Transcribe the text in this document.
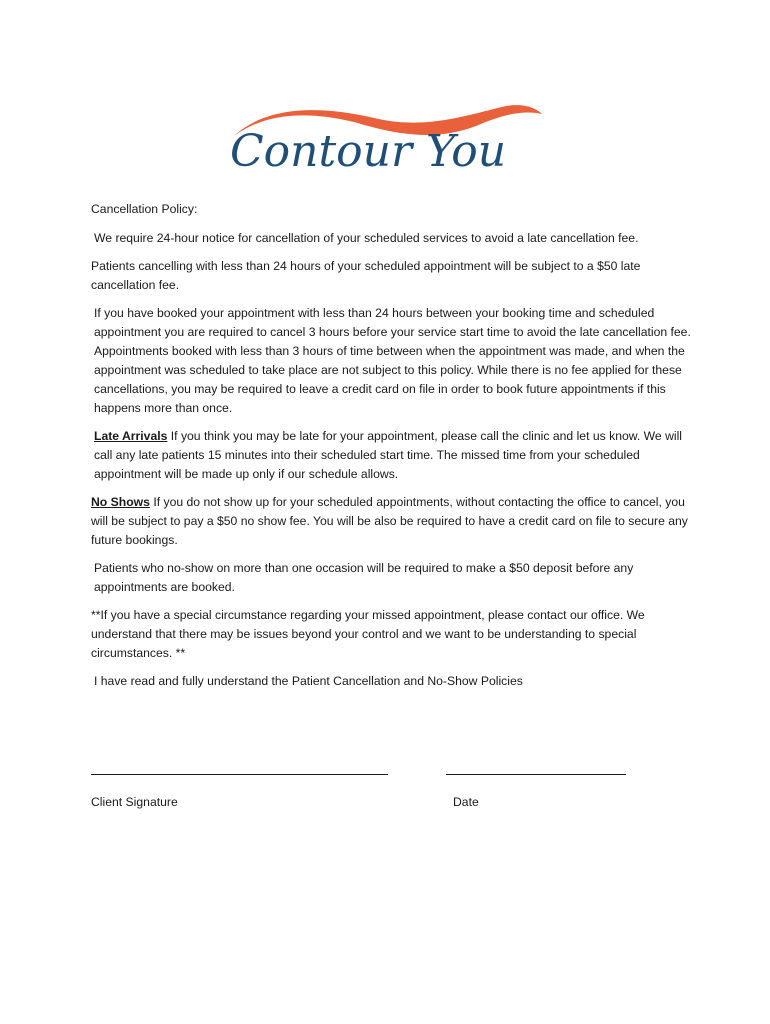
Contour You

Cancellation Policy:

We require 24-hour notice for cancellation of your scheduled services to avoid a late cancellation fee.

Patients cancelling with less than 24 hours of your scheduled appointment will be subject to a $50 late cancellation fee.

If you have booked your appointment with less than 24 hours between your booking time and scheduled appointment you are required to cancel 3 hours before your service start time to avoid the late cancellation fee. Appointments booked with less than 3 hours of time between when the appointment was made, and when the appointment was scheduled to take place are not subject to this policy. While there is no fee applied for these cancellations, you may be required to leave a credit card on file in order to book future appointments if this happens more than once.

Late Arrivals If you think you may be late for your appointment, please call the clinic and let us know. We will call any late patients 15 minutes into their scheduled start time. The missed time from your scheduled appointment will be made up only if our schedule allows.

No Shows If you do not show up for your scheduled appointments, without contacting the office to cancel, you will be subject to pay a $50 no show fee. You will be also be required to have a credit card on file to secure any future bookings.

Patients who no-show on more than one occasion will be required to make a $50 deposit before any appointments are booked.

**If you have a special circumstance regarding your missed appointment, please contact our office. We understand that there may be issues beyond your control and we want to be understanding to special circumstances. **

I have read and fully understand the Patient Cancellation and No-Show Policies

Client Signature	Date
